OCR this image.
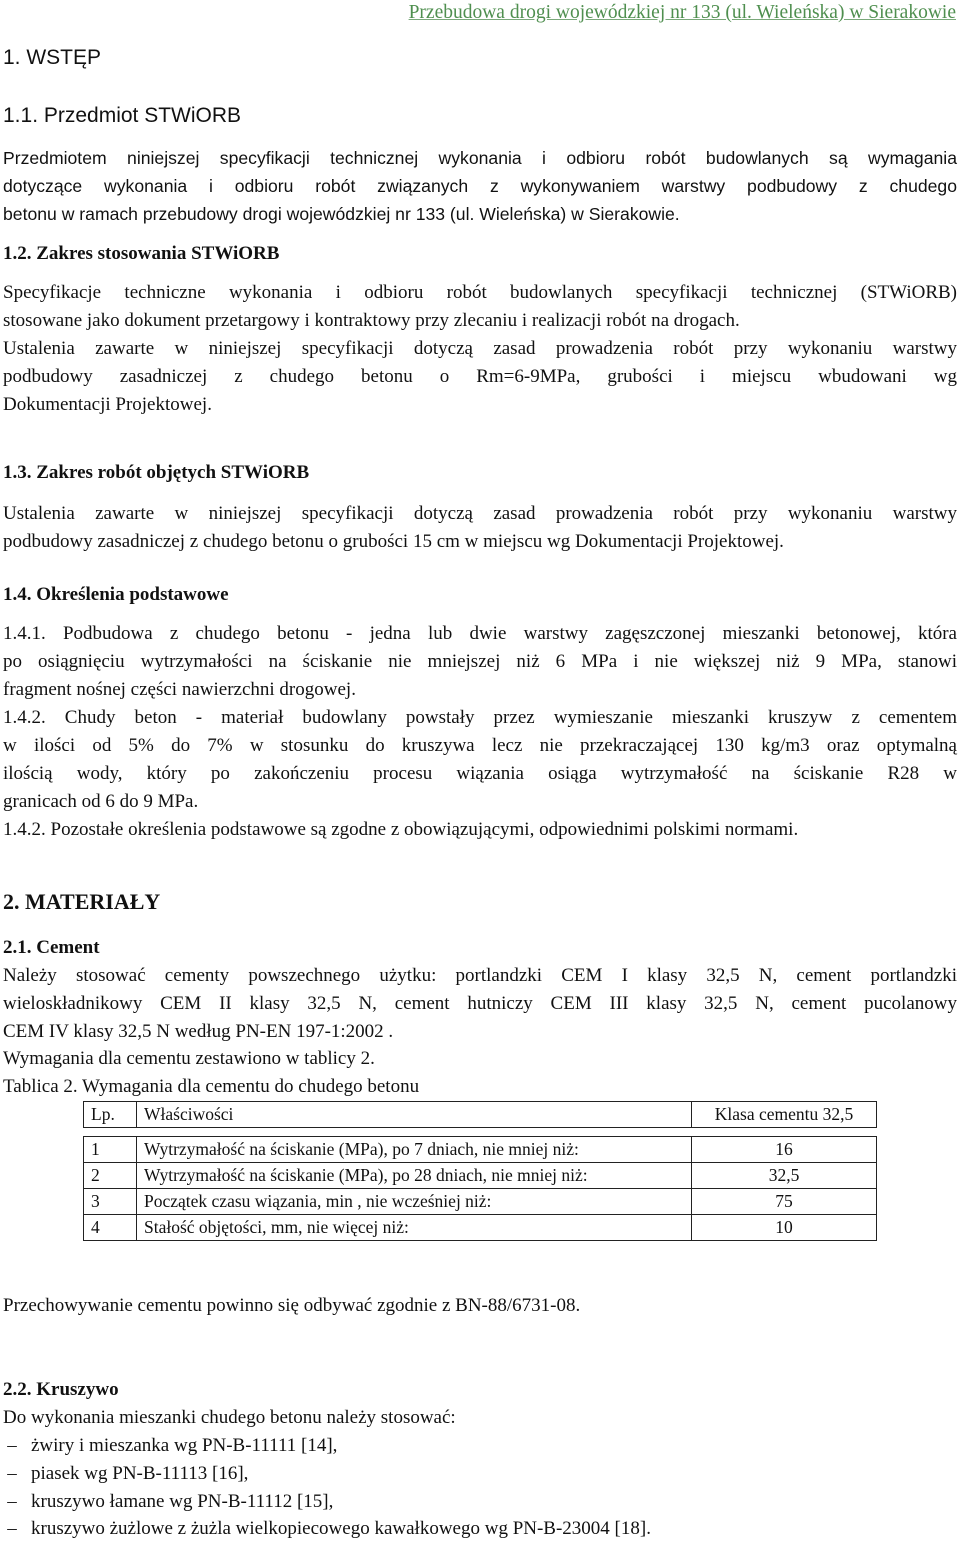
Przebudowa drogi wojewódzkiej nr 133 (ul. Wieleńska) w Sierakowie
1. WSTĘP
1.1. Przedmiot STWiORB
Przedmiotem niniejszej specyfikacji technicznej wykonania i odbioru robót budowlanych są wymagania
dotyczące wykonania i odbioru robót związanych z wykonywaniem warstwy podbudowy z chudego
betonu w ramach przebudowy drogi wojewódzkiej nr 133 (ul. Wieleńska) w Sierakowie.
1.2. Zakres stosowania STWiORB
Specyfikacje techniczne wykonania i odbioru robót budowlanych specyfikacji technicznej (STWiORB)
stosowane jako dokument przetargowy i kontraktowy przy zlecaniu i realizacji robót na drogach.
Ustalenia zawarte w niniejszej specyfikacji dotyczą zasad prowadzenia robót przy wykonaniu warstwy
podbudowy zasadniczej z chudego betonu o Rm=6-9MPa, grubości i miejscu wbudowani wg
Dokumentacji Projektowej.
1.3. Zakres robót objętych STWiORB
Ustalenia zawarte w niniejszej specyfikacji dotyczą zasad prowadzenia robót przy wykonaniu warstwy
podbudowy zasadniczej z chudego betonu o grubości 15 cm w miejscu wg Dokumentacji Projektowej.
1.4. Określenia podstawowe
1.4.1. Podbudowa z chudego betonu - jedna lub dwie warstwy zagęszczonej mieszanki betonowej, która
po osiągnięciu wytrzymałości na ściskanie nie mniejszej niż 6 MPa i nie większej niż 9 MPa, stanowi
fragment nośnej części nawierzchni drogowej.
1.4.2. Chudy beton - materiał budowlany powstały przez wymieszanie mieszanki kruszyw z cementem
w ilości od 5% do 7% w stosunku do kruszywa lecz nie przekraczającej 130 kg/m3 oraz optymalną
ilością wody, który po zakończeniu procesu wiązania osiąga wytrzymałość na ściskanie R28 w
granicach od 6 do 9 MPa.
1.4.2. Pozostałe określenia podstawowe są zgodne z obowiązującymi, odpowiednimi polskimi normami.
2. MATERIAŁY
2.1. Cement
Należy stosować cementy powszechnego użytku: portlandzki CEM I klasy 32,5 N, cement portlandzki
wieloskładnikowy CEM II klasy 32,5 N, cement hutniczy CEM III klasy 32,5 N, cement pucolanowy
CEM IV klasy 32,5 N według PN-EN 197-1:2002 .
Wymagania dla cementu zestawiono w tablicy 2.
Tablica 2. Wymagania dla cementu do chudego betonu
Lp.	Właściwości	Klasa cementu 32,5

1	Wytrzymałość na ściskanie (MPa), po 7 dniach, nie mniej niż:	16
2	Wytrzymałość na ściskanie (MPa), po 28 dniach, nie mniej niż:	32,5
3	Początek czasu wiązania, min , nie wcześniej niż:	75
4	Stałość objętości, mm, nie więcej niż:	10
Przechowywanie cementu powinno się odbywać zgodnie z BN-88/6731-08.
2.2. Kruszywo
Do wykonania mieszanki chudego betonu należy stosować:
– żwiry i mieszanka wg PN-B-11111 [14],
– piasek wg PN-B-11113 [16],
– kruszywo łamane wg PN-B-11112 [15],
– kruszywo żużlowe z żużla wielkopiecowego kawałkowego wg PN-B-23004 [18].
